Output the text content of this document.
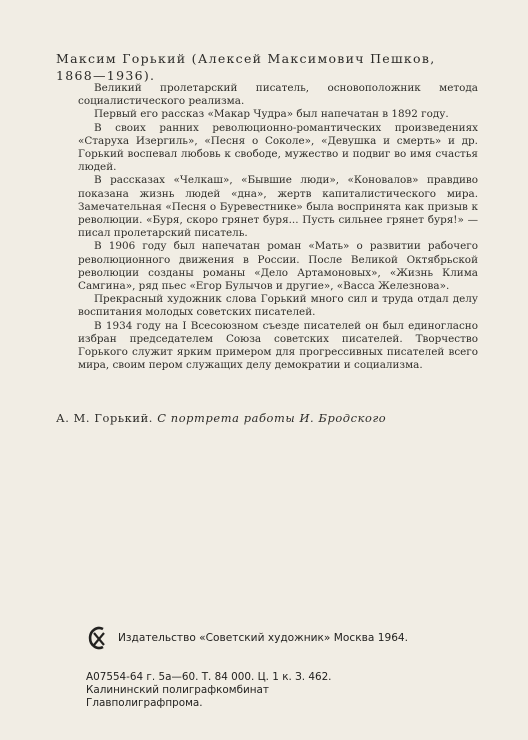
Максим Горький (Алексей Максимович Пешков, 1868—1936).

Великий пролетарский писатель, основоположник метода социалистического реализма.

Первый его рассказ «Макар Чудра» был напечатан в 1892 году.

В своих ранних революционно-романтических произведениях «Старуха Изергиль», «Песня о Соколе», «Девушка и смерть» и др. Горький воспевал любовь к свободе, мужество и подвиг во имя счастья людей.

В рассказах «Челкаш», «Бывшие люди», «Коновалов» правдиво показана жизнь людей «дна», жертв капиталистического мира. Замечательная «Песня о Буревестнике» была воспринята как призыв к революции. «Буря, скоро грянет буря... Пусть сильнее грянет буря!» — писал пролетарский писатель.

В 1906 году был напечатан роман «Мать» о развитии рабочего революционного движения в России. После Великой Октябрьской революции созданы романы «Дело Артамоновых», «Жизнь Клима Самгина», ряд пьес «Егор Булычов и другие», «Васса Железнова».

Прекрасный художник слова Горький много сил и труда отдал делу воспитания молодых советских писателей.

В 1934 году на I Всесоюзном съезде писателей он был единогласно избран председателем Союза советских писателей. Творчество Горького служит ярким примером для прогрессивных писателей всего мира, своим пером служащих делу демократии и социализма.

А. М. Горький. С портрета работы И. Бродского
Издательство «Советский художник» Москва 1964.
А07554-64 г. 5а—60. Т. 84 000. Ц. 1 к. З. 462.
Калининский полиграфкомбинат
Главполиграфпрома.
